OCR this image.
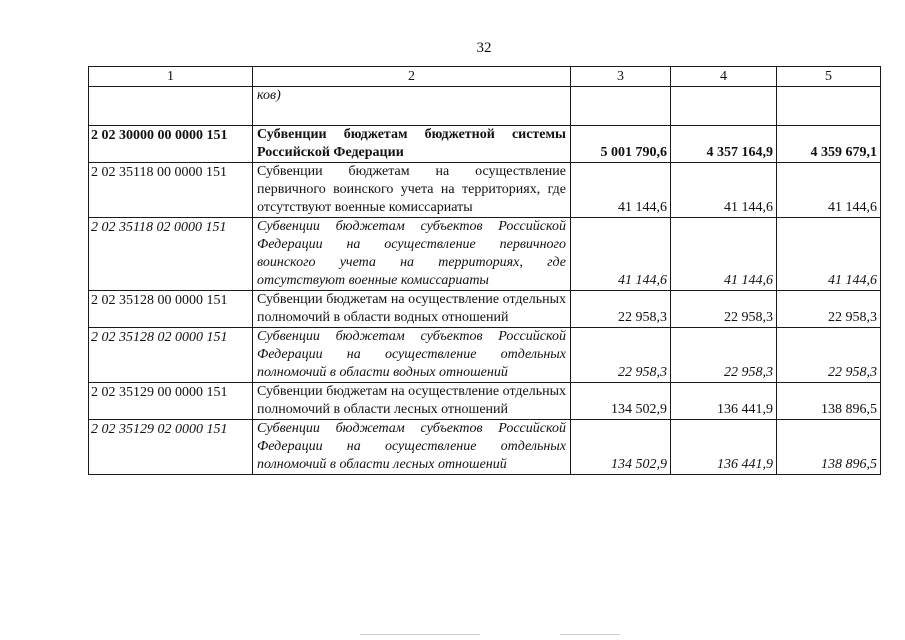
32
1	2	3	4	5
	ков)			
2 02 30000 00 0000 151	Субвенции бюджетам бюджетной системы Российской Федерации	5 001 790,6	4 357 164,9	4 359 679,1
2 02 35118 00 0000 151	Субвенции бюджетам на осуществление первичного воинского учета на территориях, где отсутствуют военные комиссариаты	41 144,6	41 144,6	41 144,6
2 02 35118 02 0000 151	Субвенции бюджетам субъектов Российской Федерации на осуществление первичного воинского учета на территориях, где отсутствуют военные комиссариаты	41 144,6	41 144,6	41 144,6
2 02 35128 00 0000 151	Субвенции бюджетам на осуществление отдельных полномочий в области водных отношений	22 958,3	22 958,3	22 958,3
2 02 35128 02 0000 151	Субвенции бюджетам субъектов Российской Федерации на осуществление отдельных полномочий в области водных отношений	22 958,3	22 958,3	22 958,3
2 02 35129 00 0000 151	Субвенции бюджетам на осуществление отдельных полномочий в области лесных отношений	134 502,9	136 441,9	138 896,5
2 02 35129 02 0000 151	Субвенции бюджетам субъектов Российской Федерации на осуществление отдельных полномочий в области лесных отношений	134 502,9	136 441,9	138 896,5
